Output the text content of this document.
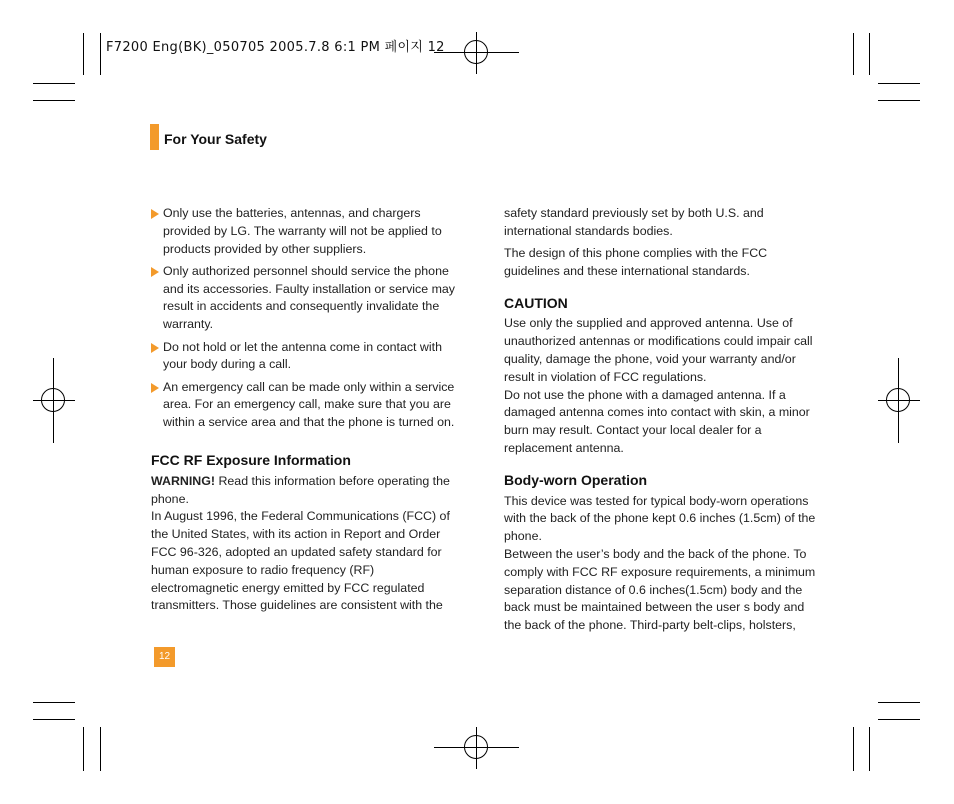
F7200 Eng(BK)_050705 2005.7.8 6:1 PM 페이지 12
For Your Safety
Only use the batteries, antennas, and chargers provided by LG. The warranty will not be applied to products provided by other suppliers.
Only authorized personnel should service the phone and its accessories. Faulty installation or service may result in accidents and consequently invalidate the warranty.
Do not hold or let the antenna come in contact with your body during a call.
An emergency call can be made only within a service area. For an emergency call, make sure that you are within a service area and that the phone is turned on.

FCC RF Exposure Information

WARNING! Read this information before operating the phone.

In August 1996, the Federal Communications (FCC) of the United States, with its action in Report and Order FCC 96-326, adopted an updated safety standard for human exposure to radio frequency (RF) electromagnetic energy emitted by FCC regulated transmitters. Those guidelines are consistent with the

safety standard previously set by both U.S. and international standards bodies.

The design of this phone complies with the FCC guidelines and these international standards.

CAUTION

Use only the supplied and approved antenna. Use of unauthorized antennas or modifications could impair call quality, damage the phone, void your warranty and/or result in violation of FCC regulations.

Do not use the phone with a damaged antenna. If a damaged antenna comes into contact with skin, a minor burn may result. Contact your local dealer for a replacement antenna.

Body-worn Operation

This device was tested for typical body-worn operations with the back of the phone kept 0.6 inches (1.5cm) of the phone.

Between the user’s body and the back of the phone. To comply with FCC RF exposure requirements, a minimum separation distance of 0.6 inches(1.5cm) body and the back must be maintained between the user s body and the back of the phone. Third-party belt-clips, holsters,

12
